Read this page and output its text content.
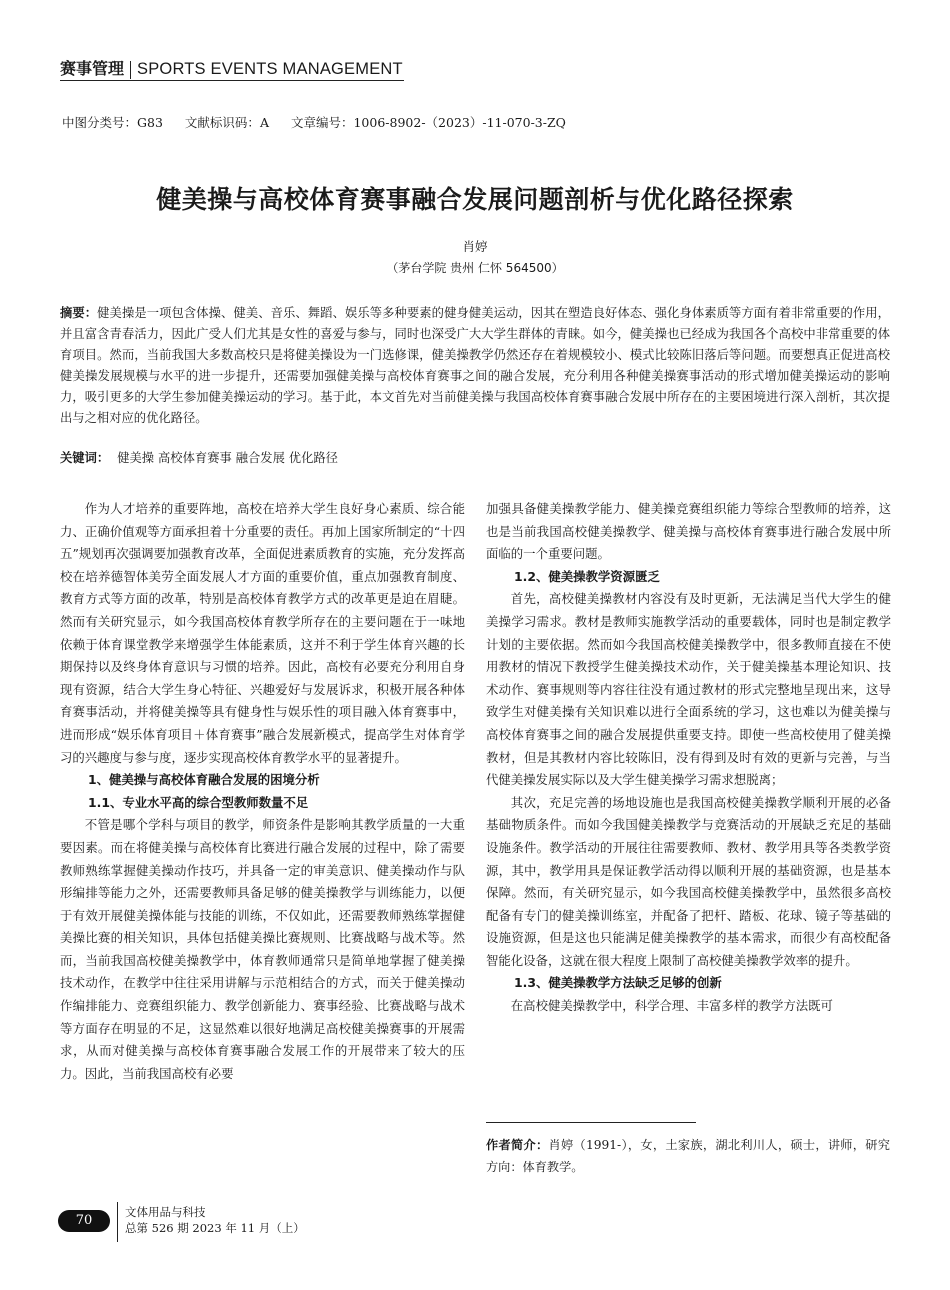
赛事管理 SPORTS EVENTS MANAGEMENT
中图分类号：G83 文献标识码：A 文章编号：1006-8902-（2023）-11-070-3-ZQ
健美操与高校体育赛事融合发展问题剖析与优化路径探索
肖婷
（茅台学院 贵州 仁怀 564500）
摘要：健美操是一项包含体操、健美、音乐、舞蹈、娱乐等多种要素的健身健美运动，因其在塑造良好体态、强化身体素质等方面有着非常重要的作用，并且富含青春活力，因此广受人们尤其是女性的喜爱与参与，同时也深受广大大学生群体的青睐。如今，健美操也已经成为我国各个高校中非常重要的体育项目。然而，当前我国大多数高校只是将健美操设为一门选修课，健美操教学仍然还存在着规模较小、模式比较陈旧落后等问题。而要想真正促进高校健美操发展规模与水平的进一步提升，还需要加强健美操与高校体育赛事之间的融合发展，充分利用各种健美操赛事活动的形式增加健美操运动的影响力，吸引更多的大学生参加健美操运动的学习。基于此，本文首先对当前健美操与我国高校体育赛事融合发展中所存在的主要困境进行深入剖析，其次提出与之相对应的优化路径。
关键词： 健美操 高校体育赛事 融合发展 优化路径

作为人才培养的重要阵地，高校在培养大学生良好身心素质、综合能力、正确价值观等方面承担着十分重要的责任。再加上国家所制定的“十四五”规划再次强调要加强教育改革，全面促进素质教育的实施，充分发挥高校在培养德智体美劳全面发展人才方面的重要价值，重点加强教育制度、教育方式等方面的改革，特别是高校体育教学方式的改革更是迫在眉睫。然而有关研究显示，如今我国高校体育教学所存在的主要问题在于一味地依赖于体育课堂教学来增强学生体能素质，这并不利于学生体育兴趣的长期保持以及终身体育意识与习惯的培养。因此，高校有必要充分利用自身现有资源，结合大学生身心特征、兴趣爱好与发展诉求，积极开展各种体育赛事活动，并将健美操等具有健身性与娱乐性的项目融入体育赛事中，进而形成“娱乐体育项目＋体育赛事”融合发展新模式，提高学生对体育学习的兴趣度与参与度，逐步实现高校体育教学水平的显著提升。

1、健美操与高校体育融合发展的困境分析
1.1、专业水平高的综合型教师数量不足

不管是哪个学科与项目的教学，师资条件是影响其教学质量的一大重要因素。而在将健美操与高校体育比赛进行融合发展的过程中，除了需要教师熟练掌握健美操动作技巧，并具备一定的审美意识、健美操动作与队形编排等能力之外，还需要教师具备足够的健美操教学与训练能力，以便于有效开展健美操体能与技能的训练，不仅如此，还需要教师熟练掌握健美操比赛的相关知识，具体包括健美操比赛规则、比赛战略与战术等。然而，当前我国高校健美操教学中，体育教师通常只是简单地掌握了健美操技术动作，在教学中往往采用讲解与示范相结合的方式，而关于健美操动作编排能力、竞赛组织能力、教学创新能力、赛事经验、比赛战略与战术等方面存在明显的不足，这显然难以很好地满足高校健美操赛事的开展需求，从而对健美操与高校体育赛事融合发展工作的开展带来了较大的压力。因此，当前我国高校有必要

加强具备健美操教学能力、健美操竞赛组织能力等综合型教师的培养，这也是当前我国高校健美操教学、健美操与高校体育赛事进行融合发展中所面临的一个重要问题。

1.2、健美操教学资源匮乏

首先，高校健美操教材内容没有及时更新，无法满足当代大学生的健美操学习需求。教材是教师实施教学活动的重要载体，同时也是制定教学计划的主要依据。然而如今我国高校健美操教学中，很多教师直接在不使用教材的情况下教授学生健美操技术动作，关于健美操基本理论知识、技术动作、赛事规则等内容往往没有通过教材的形式完整地呈现出来，这导致学生对健美操有关知识难以进行全面系统的学习，这也难以为健美操与高校体育赛事之间的融合发展提供重要支持。即使一些高校使用了健美操教材，但是其教材内容比较陈旧，没有得到及时有效的更新与完善，与当代健美操发展实际以及大学生健美操学习需求想脱离；

其次，充足完善的场地设施也是我国高校健美操教学顺利开展的必备基础物质条件。而如今我国健美操教学与竞赛活动的开展缺乏充足的基础设施条件。教学活动的开展往往需要教师、教材、教学用具等各类教学资源，其中，教学用具是保证教学活动得以顺利开展的基础资源，也是基本保障。然而，有关研究显示，如今我国高校健美操教学中，虽然很多高校配备有专门的健美操训练室，并配备了把杆、踏板、花球、镜子等基础的设施资源，但是这也只能满足健美操教学的基本需求，而很少有高校配备智能化设备，这就在很大程度上限制了高校健美操教学效率的提升。

1.3、健美操教学方法缺乏足够的创新

在高校健美操教学中，科学合理、丰富多样的教学方法既可

作者简介：肖婷（1991-），女，土家族，湖北利川人，硕士，讲师，研究方向：体育教学。
70
文体用品与科技
总第 526 期 2023 年 11 月（上）
